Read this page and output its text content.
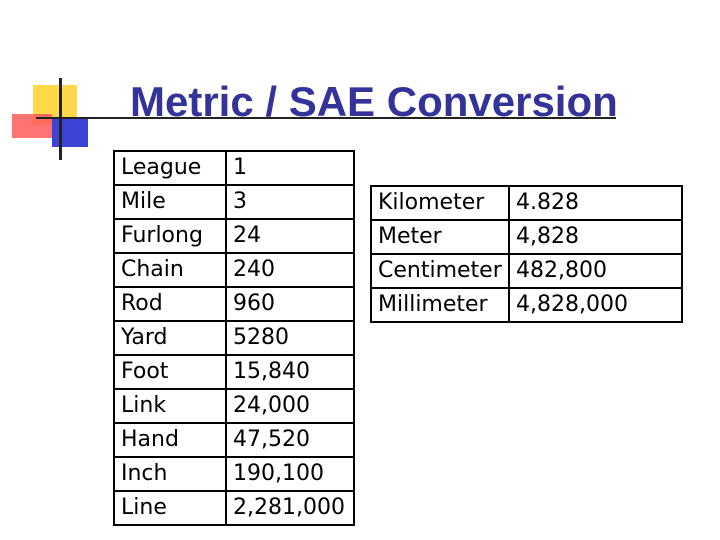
Metric / SAE Conversion
League	1
Mile	3
Furlong	24
Chain	240
Rod	960
Yard	5280
Foot	15,840
Link	24,000
Hand	47,520
Inch	190,100
Line	2,281,000
Kilometer	4.828
Meter	4,828
Centimeter	482,800
Millimeter	4,828,000
